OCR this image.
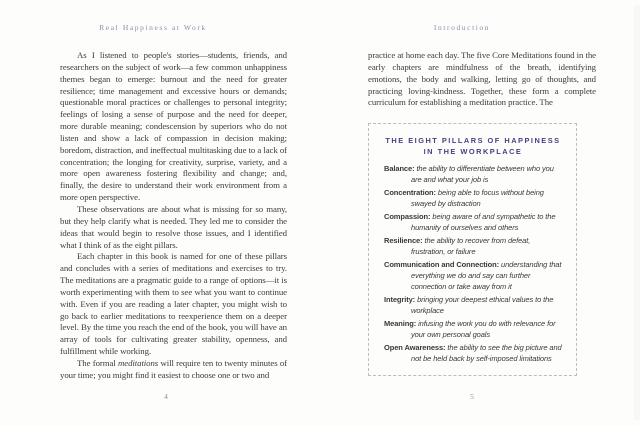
Real Happiness at Work

As I listened to people's stories—students, friends, and researchers on the subject of work—a few common unhappiness themes began to emerge: burnout and the need for greater resilience; time management and excessive hours or demands; questionable moral practices or challenges to personal integrity; feelings of losing a sense of purpose and the need for deeper, more durable meaning; condescension by superiors who do not listen and show a lack of compassion in decision making; boredom, distraction, and ineffectual multitasking due to a lack of concentration; the longing for creativity, surprise, variety, and a more open awareness fostering flexibility and change; and, finally, the desire to understand their work environment from a more open perspective.

These observations are about what is missing for so many, but they help clarify what is needed. They led me to consider the ideas that would begin to resolve those issues, and I identified what I think of as the eight pillars.

Each chapter in this book is named for one of these pillars and concludes with a series of meditations and exercises to try. The meditations are a pragmatic guide to a range of options—it is worth experimenting with them to see what you want to continue with. Even if you are reading a later chapter, you might wish to go back to earlier meditations to reexperience them on a deeper level. By the time you reach the end of the book, you will have an array of tools for cultivating greater stability, openness, and fulfillment while working.

The formal meditations will require ten to twenty minutes of your time; you might find it easiest to choose one or two and

4
Introduction

practice at home each day. The five Core Meditations found in the early chapters are mindfulness of the breath, identifying emotions, the body and walking, letting go of thoughts, and practicing loving-kindness. Together, these form a complete curriculum for establishing a meditation practice. The

THE EIGHT PILLARS OF HAPPINESS
IN THE WORKPLACE
Balance: the ability to differentiate between who you are and what your job is
Concentration: being able to focus without being swayed by distraction
Compassion: being aware of and sympathetic to the humanity of ourselves and others
Resilience: the ability to recover from defeat, frustration, or failure
Communication and Connection: understanding that everything we do and say can further connection or take away from it
Integrity: bringing your deepest ethical values to the workplace
Meaning: infusing the work you do with relevance for your own personal goals
Open Awareness: the ability to see the big picture and not be held back by self-imposed limitations
5
